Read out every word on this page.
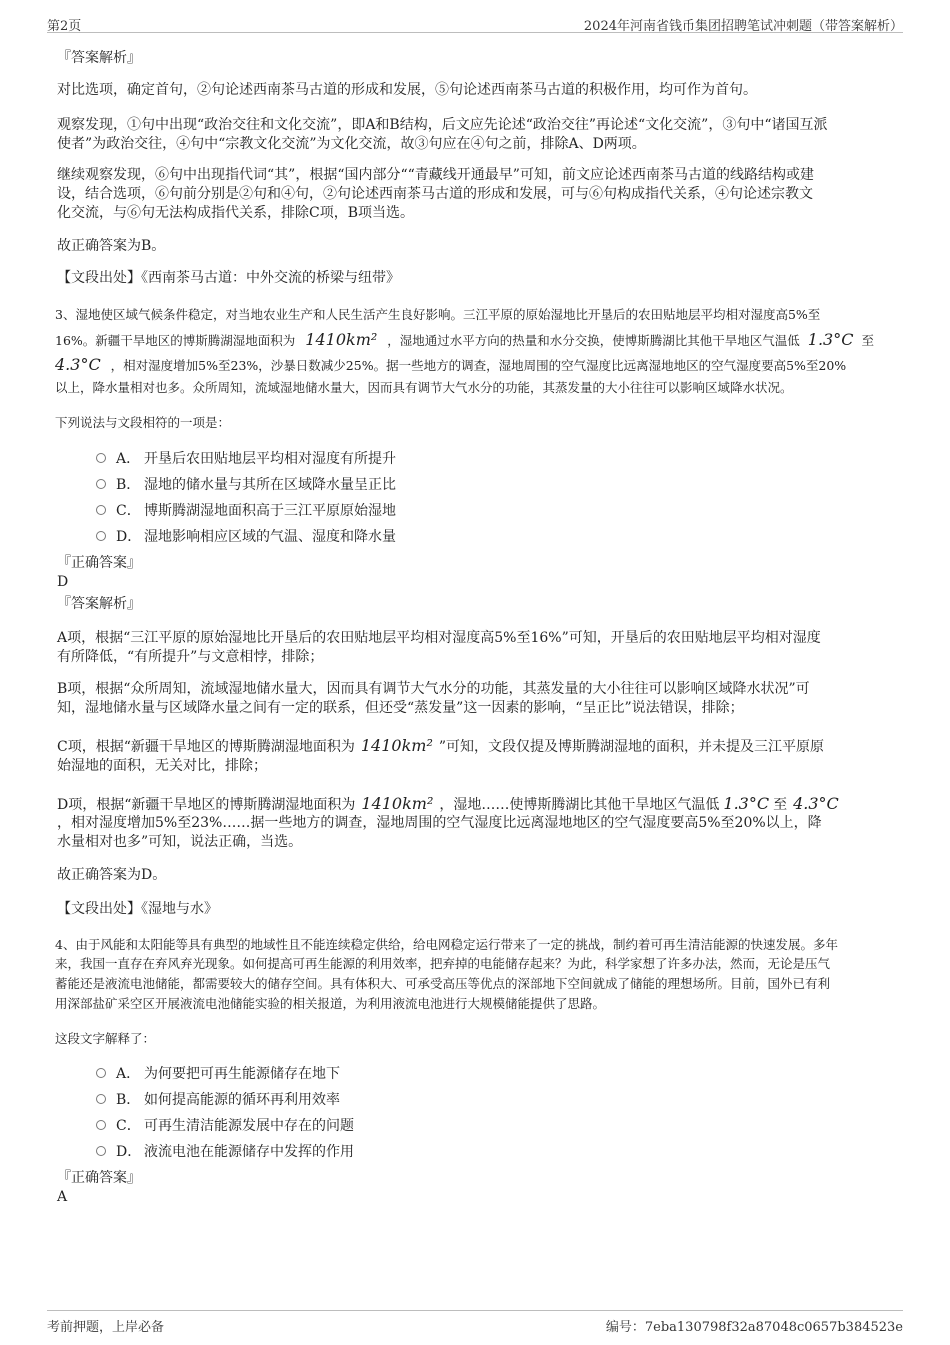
第2页	2024年河南省钱币集团招聘笔试冲刺题（带答案解析）
『答案解析』
对比选项，确定首句，②句论述西南茶马古道的形成和发展，⑤句论述西南茶马古道的积极作用，均可作为首句。
观察发现，①句中出现“政治交往和文化交流”，即A和B结构，后文应先论述“政治交往”再论述“文化交流”，③句中“诸国互派
使者”为政治交往，④句中“宗教文化交流”为文化交流，故③句应在④句之前，排除A、D两项。
继续观察发现，⑥句中出现指代词“其”，根据“国内部分““青藏线开通最早”可知，前文应论述西南茶马古道的线路结构或建
设，结合选项，⑥句前分别是②句和④句，②句论述西南茶马古道的形成和发展，可与⑥句构成指代关系，④句论述宗教文
化交流，与⑥句无法构成指代关系，排除C项，B项当选。
故正确答案为B。
【文段出处】《西南茶马古道：中外交流的桥梁与纽带》
3、湿地使区域气候条件稳定，对当地农业生产和人民生活产生良好影响。三江平原的原始湿地比开垦后的农田贴地层平均相对湿度高5%至
16%。新疆干旱地区的博斯腾湖湿地面积为 1410km² ，湿地通过水平方向的热量和水分交换，使博斯腾湖比其他干旱地区气温低 1.3°C 至
4.3°C ，相对湿度增加5%至23%，沙暴日数减少25%。据一些地方的调查，湿地周围的空气湿度比远离湿地地区的空气湿度要高5%至20%
以上，降水量相对也多。众所周知，流域湿地储水量大，因而具有调节大气水分的功能，其蒸发量的大小往往可以影响区域降水状况。
下列说法与文段相符的一项是：
A． 开垦后农田贴地层平均相对湿度有所提升
B． 湿地的储水量与其所在区域降水量呈正比
C． 博斯腾湖湿地面积高于三江平原原始湿地
D． 湿地影响相应区域的气温、湿度和降水量
『正确答案』
D
『答案解析』
A项，根据“三江平原的原始湿地比开垦后的农田贴地层平均相对湿度高5%至16%”可知，开垦后的农田贴地层平均相对湿度
有所降低，“有所提升”与文意相悖，排除；
B项，根据“众所周知，流域湿地储水量大，因而具有调节大气水分的功能，其蒸发量的大小往往可以影响区域降水状况”可
知，湿地储水量与区域降水量之间有一定的联系，但还受“蒸发量”这一因素的影响，“呈正比”说法错误，排除；
C项，根据“新疆干旱地区的博斯腾湖湿地面积为 1410km² ”可知，文段仅提及博斯腾湖湿地的面积，并未提及三江平原原
始湿地的面积，无关对比，排除；
D项，根据“新疆干旱地区的博斯腾湖湿地面积为 1410km² ，湿地……使博斯腾湖比其他干旱地区气温低 1.3°C 至 4.3°C
，相对湿度增加5%至23%……据一些地方的调查，湿地周围的空气湿度比远离湿地地区的空气湿度要高5%至20%以上，降
水量相对也多”可知，说法正确，当选。
故正确答案为D。
【文段出处】《湿地与水》
4、由于风能和太阳能等具有典型的地域性且不能连续稳定供给，给电网稳定运行带来了一定的挑战，制约着可再生清洁能源的快速发展。多年
来，我国一直存在弃风弃光现象。如何提高可再生能源的利用效率，把弃掉的电能储存起来？为此，科学家想了许多办法，然而，无论是压气
蓄能还是液流电池储能，都需要较大的储存空间。具有体积大、可承受高压等优点的深部地下空间就成了储能的理想场所。目前，国外已有利
用深部盐矿采空区开展液流电池储能实验的相关报道，为利用液流电池进行大规模储能提供了思路。
这段文字解释了：
A． 为何要把可再生能源储存在地下
B． 如何提高能源的循环再利用效率
C． 可再生清洁能源发展中存在的问题
D． 液流电池在能源储存中发挥的作用
『正确答案』
A
考前押题，上岸必备	编号：7eba130798f32a87048c0657b384523e
